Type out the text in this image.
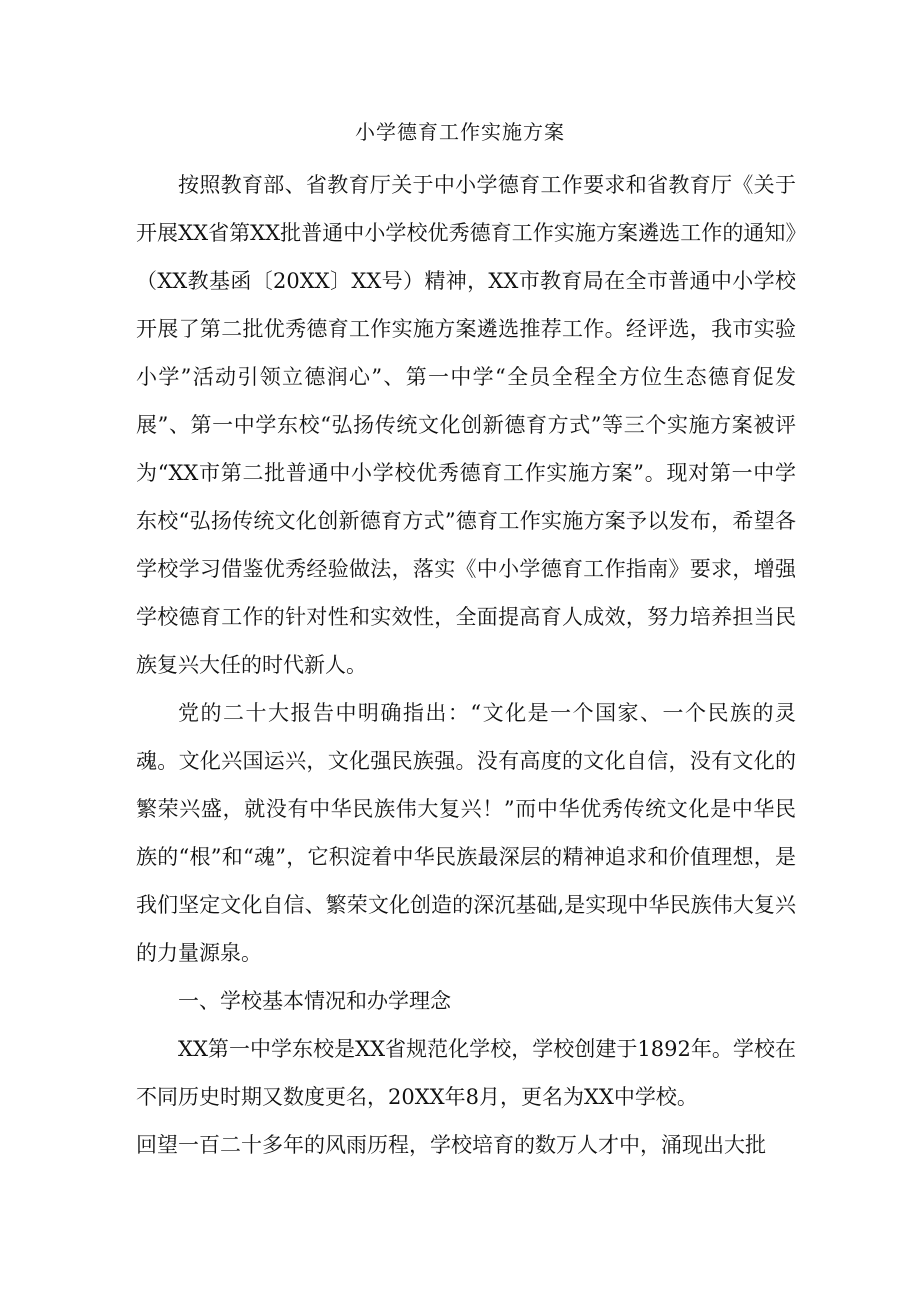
小学德育工作实施方案

按照教育部、省教育厅关于中小学德育工作要求和省教育厅《关于开展XX省第XX批普通中小学校优秀德育工作实施方案遴选工作的通知》（XX教基函〔20XX〕XX号）精神，XX市教育局在全市普通中小学校开展了第二批优秀德育工作实施方案遴选推荐工作。经评选，我市实验小学”活动引领立德润心”、第一中学“全员全程全方位生态德育促发展”、第一中学东校“弘扬传统文化创新德育方式”等三个实施方案被评为“XX市第二批普通中小学校优秀德育工作实施方案”。现对第一中学东校“弘扬传统文化创新德育方式”德育工作实施方案予以发布，希望各学校学习借鉴优秀经验做法，落实《中小学德育工作指南》要求，增强学校德育工作的针对性和实效性，全面提高育人成效，努力培养担当民族复兴大任的时代新人。

党的二十大报告中明确指出：“文化是一个国家、一个民族的灵魂。文化兴国运兴，文化强民族强。没有高度的文化自信，没有文化的繁荣兴盛，就没有中华民族伟大复兴！”而中华优秀传统文化是中华民族的“根”和“魂”，它积淀着中华民族最深层的精神追求和价值理想，是我们坚定文化自信、繁荣文化创造的深沉基础,是实现中华民族伟大复兴的力量源泉。

一、学校基本情况和办学理念

XX第一中学东校是XX省规范化学校，学校创建于1892年。学校在不同历史时期又数度更名，20XX年8月，更名为XX中学校。

回望一百二十多年的风雨历程，学校培育的数万人才中，涌现出大批
